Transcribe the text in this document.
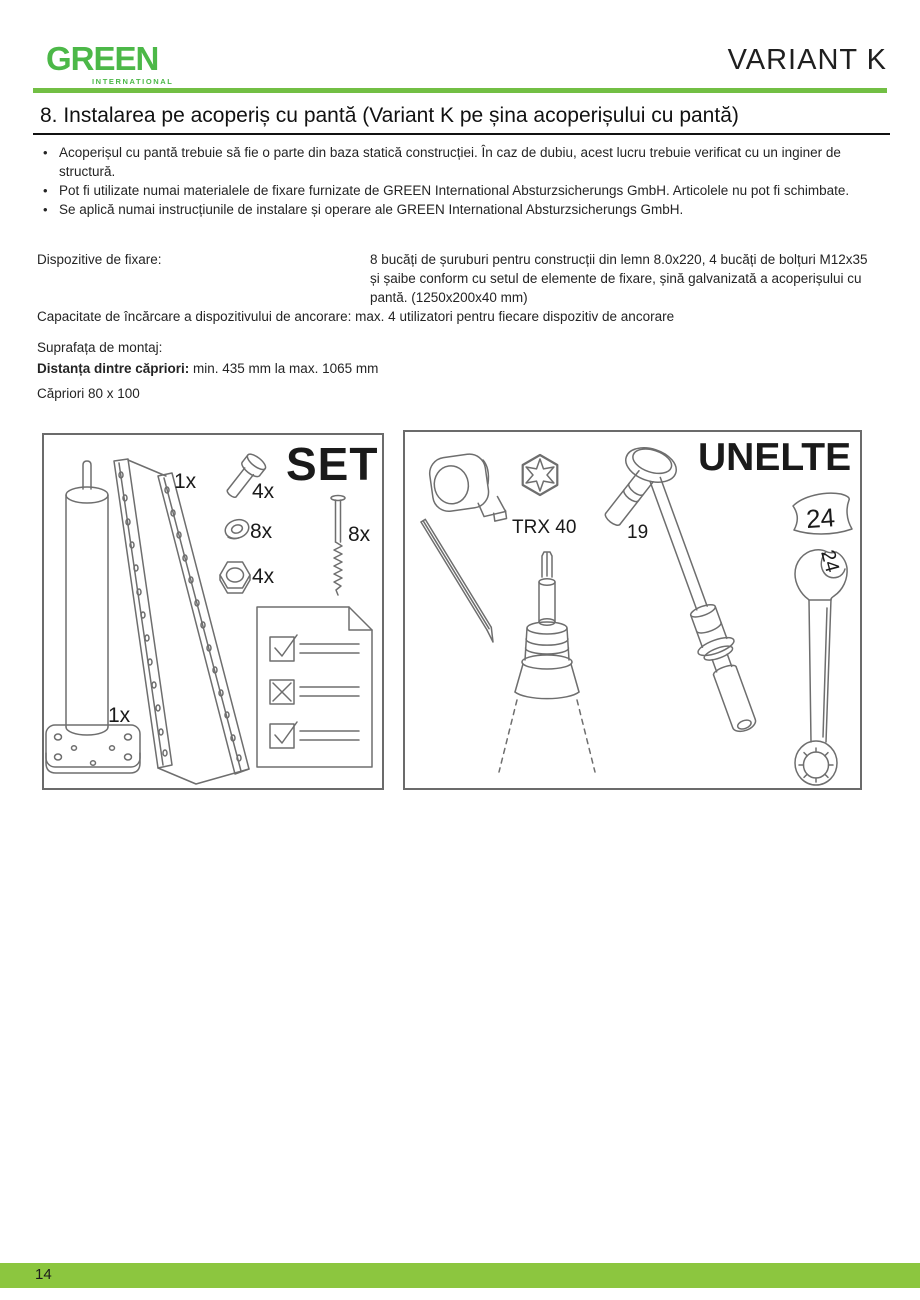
GREEN
INTERNATIONAL
VARIANT K
8. Instalarea pe acoperiș cu pantă (Variant K pe șina acoperișului cu pantă)
• Acoperișul cu pantă trebuie să fie o parte din baza statică construcției. În caz de dubiu, acest lucru trebuie verificat cu un inginer de structură.
• Pot fi utilizate numai materialele de fixare furnizate de GREEN International Absturzsicherungs GmbH. Articolele nu pot fi schimbate.
• Se aplică numai instrucțiunile de instalare și operare ale GREEN International Absturzsicherungs GmbH.
Dispozitive de fixare:	8 bucăți de șuruburi pentru construcții din lemn 8.0x220, 4 bucăți de bolțuri M12x35 și șaibe conform cu setul de elemente de fixare, șină galvanizată a acoperișului cu pantă. (1250x200x40 mm)
Capacitate de încărcare a dispozitivului de ancorare: max. 4 utilizatori pentru fiecare dispozitiv de ancorare
Suprafața de montaj:
Distanța dintre căpriori: min. 435 mm la max. 1065 mm
Căpriori 80 x 100
1x
1x	4x
8x
4x
8x
SET
TRX 40	19	24
24
UNELTE
14
